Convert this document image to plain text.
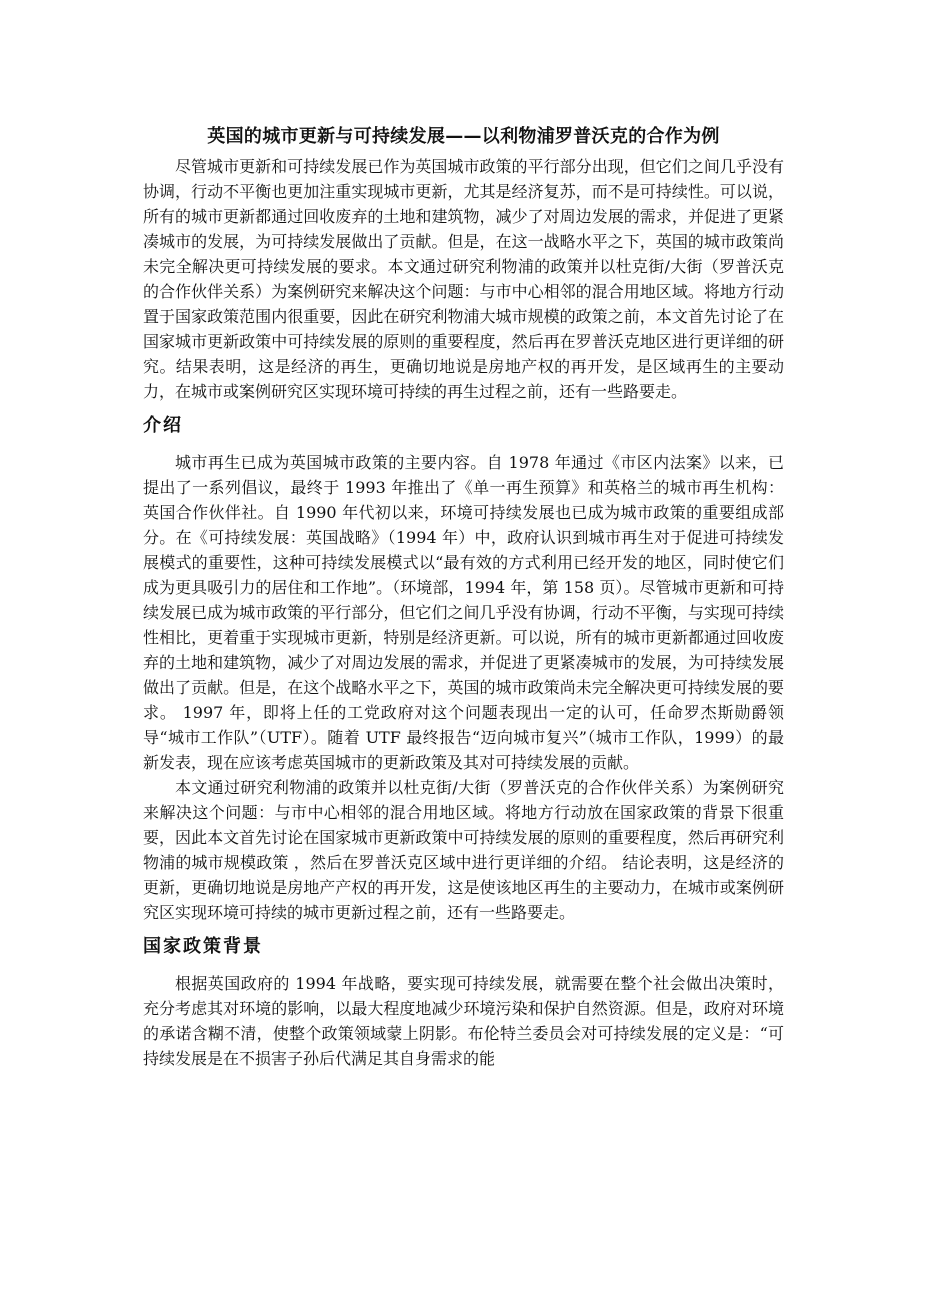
英国的城市更新与可持续发展——以利物浦罗普沃克的合作为例

尽管城市更新和可持续发展已作为英国城市政策的平行部分出现，但它们之间几乎没有协调，行动不平衡也更加注重实现城市更新，尤其是经济复苏，而不是可持续性。可以说，所有的城市更新都通过回收废弃的土地和建筑物，减少了对周边发展的需求，并促进了更紧凑城市的发展，为可持续发展做出了贡献。但是，在这一战略水平之下，英国的城市政策尚未完全解决更可持续发展的要求。本文通过研究利物浦的政策并以杜克街/大街（罗普沃克的合作伙伴关系）为案例研究来解决这个问题：与市中心相邻的混合用地区域。将地方行动置于国家政策范围内很重要，因此在研究利物浦大城市规模的政策之前，本文首先讨论了在国家城市更新政策中可持续发展的原则的重要程度，然后再在罗普沃克地区进行更详细的研究。结果表明，这是经济的再生，更确切地说是房地产权的再开发，是区域再生的主要动力，在城市或案例研究区实现环境可持续的再生过程之前，还有一些路要走。

介绍

城市再生已成为英国城市政策的主要内容。自 1978 年通过《市区内法案》以来，已提出了一系列倡议，最终于 1993 年推出了《单一再生预算》和英格兰的城市再生机构：英国合作伙伴社。自 1990 年代初以来，环境可持续发展也已成为城市政策的重要组成部分。在《可持续发展：英国战略》（1994 年）中，政府认识到城市再生对于促进可持续发展模式的重要性，这种可持续发展模式以“最有效的方式利用已经开发的地区，同时使它们成为更具吸引力的居住和工作地”。（环境部，1994 年，第 158 页）。尽管城市更新和可持续发展已成为城市政策的平行部分，但它们之间几乎没有协调，行动不平衡，与实现可持续性相比，更着重于实现城市更新，特别是经济更新。可以说，所有的城市更新都通过回收废弃的土地和建筑物，减少了对周边发展的需求，并促进了更紧凑城市的发展，为可持续发展做出了贡献。但是，在这个战略水平之下，英国的城市政策尚未完全解决更可持续发展的要求。 1997 年，即将上任的工党政府对这个问题表现出一定的认可，任命罗杰斯勋爵领导“城市工作队”（UTF）。随着 UTF 最终报告“迈向城市复兴”（城市工作队，1999）的最新发表，现在应该考虑英国城市的更新政策及其对可持续发展的贡献。

本文通过研究利物浦的政策并以杜克街/大街（罗普沃克的合作伙伴关系）为案例研究来解决这个问题：与市中心相邻的混合用地区域。将地方行动放在国家政策的背景下很重要，因此本文首先讨论在国家城市更新政策中可持续发展的原则的重要程度，然后再研究利物浦的城市规模政策 ，然后在罗普沃克区域中进行更详细的介绍。 结论表明，这是经济的更新，更确切地说是房地产产权的再开发，这是使该地区再生的主要动力，在城市或案例研究区实现环境可持续的城市更新过程之前，还有一些路要走。

国家政策背景

根据英国政府的 1994 年战略，要实现可持续发展，就需要在整个社会做出决策时，充分考虑其对环境的影响，以最大程度地减少环境污染和保护自然资源。但是，政府对环境的承诺含糊不清，使整个政策领域蒙上阴影。布伦特兰委员会对可持续发展的定义是：“可持续发展是在不损害子孙后代满足其自身需求的能
